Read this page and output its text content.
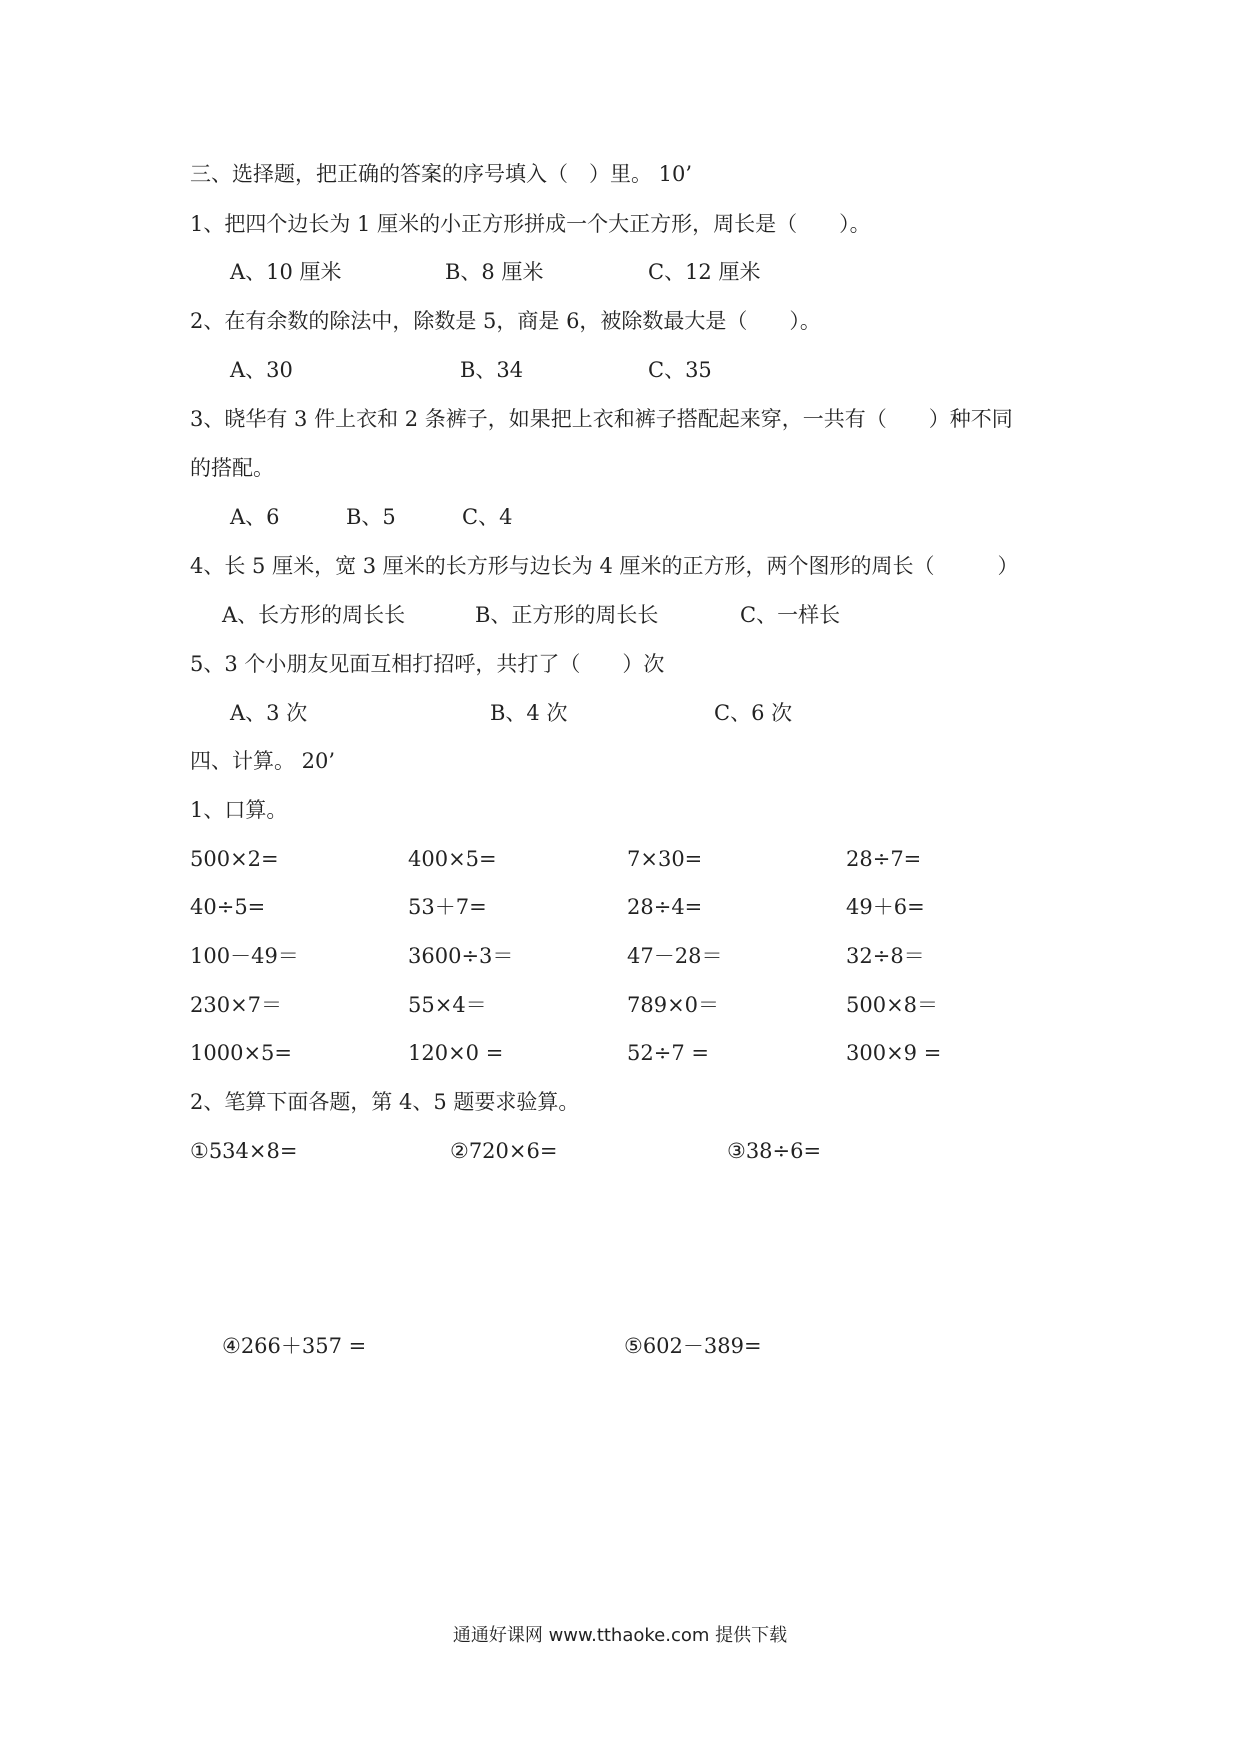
三、选择题，把正确的答案的序号填入（　）里。 10’
1、把四个边长为 1 厘米的小正方形拼成一个大正方形，周长是（　　）。
A、10 厘米	B、8 厘米	C、12 厘米
2、在有余数的除法中，除数是 5，商是 6，被除数最大是（　　）。
A、30	B、34	C、35
3、晓华有 3 件上衣和 2 条裤子，如果把上衣和裤子搭配起来穿，一共有（　　）种不同
的搭配。
A、6	B、5	C、4
4、长 5 厘米，宽 3 厘米的长方形与边长为 4 厘米的正方形，两个图形的周长（　　　）
A、长方形的周长长	B、正方形的周长长	C、一样长
5、3 个小朋友见面互相打招呼，共打了（　　）次
A、3 次	B、4 次	C、6 次
四、计算。 20’
1、口算。
500×2=	400×5=	7×30=	28÷7=
40÷5=	53＋7=	28÷4=	49＋6=
100－49＝	3600÷3＝	47－28＝	32÷8＝
230×7＝	55×4＝	789×0＝	500×8＝
1000×5=	120×0 =	52÷7 =	300×9 =
2、笔算下面各题，第 4、5 题要求验算。
①534×8=	②720×6=	③38÷6=
④266＋357 =	⑤602－389=
通通好课网 www.tthaoke.com 提供下载
